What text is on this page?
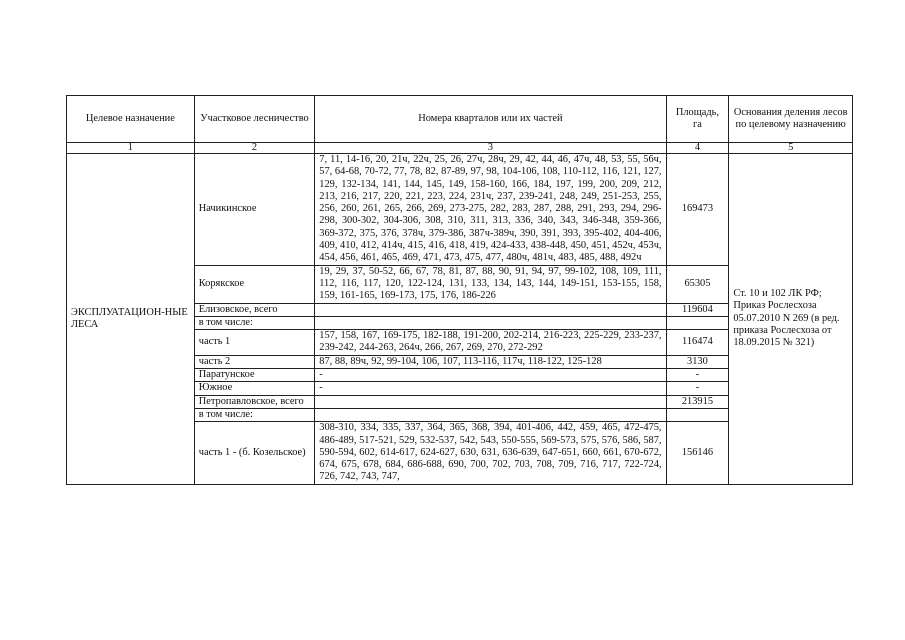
Целевое назначение	Участковое лесничество	Номера кварталов или их частей	Площадь, га	Основания деления лесов по целевому назначению
1	2	3	4	5
ЭКСПЛУАТАЦИОН-НЫЕ ЛЕСА	Начикинское	7, 11, 14-16, 20, 21ч, 22ч, 25, 26, 27ч, 28ч, 29, 42, 44, 46, 47ч, 48, 53, 55, 56ч, 57, 64-68, 70-72, 77, 78, 82, 87-89, 97, 98, 104-106, 108, 110-112, 116, 121, 127, 129, 132-134, 141, 144, 145, 149, 158-160, 166, 184, 197, 199, 200, 209, 212, 213, 216, 217, 220, 221, 223, 224, 231ч, 237, 239-241, 248, 249, 251-253, 255, 256, 260, 261, 265, 266, 269, 273-275, 282, 283, 287, 288, 291, 293, 294, 296-298, 300-302, 304-306, 308, 310, 311, 313, 336, 340, 343, 346-348, 359-366, 369-372, 375, 376, 378ч, 379-386, 387ч-389ч, 390, 391, 393, 395-402, 404-406, 409, 410, 412, 414ч, 415, 416, 418, 419, 424-433, 438-448, 450, 451, 452ч, 453ч, 454, 456, 461, 465, 469, 471, 473, 475, 477, 480ч, 481ч, 483, 485, 488, 492ч	169473	Ст. 10 и 102 ЛК РФ; Приказ Рослесхоза 05.07.2010 N 269 (в ред. приказа Рослесхоза от 18.09.2015 № 321)
	Корякское	19, 29, 37, 50-52, 66, 67, 78, 81, 87, 88, 90, 91, 94, 97, 99-102, 108, 109, 111, 112, 116, 117, 120, 122-124, 131, 133, 134, 143, 144, 149-151, 153-155, 158, 159, 161-165, 169-173, 175, 176, 186-226	65305	
	Елизовское, всего		119604	
	в том числе:			
	часть 1	157, 158, 167, 169-175, 182-188, 191-200, 202-214, 216-223, 225-229, 233-237, 239-242, 244-263, 264ч, 266, 267, 269, 270, 272-292	116474	
	часть 2	87, 88, 89ч, 92, 99-104, 106, 107, 113-116, 117ч, 118-122, 125-128	3130	
	Паратунское	-	-	
	Южное	-	-	
	Петропавловское, всего		213915	
	в том числе:			
	часть 1 - (б. Козельское)	308-310, 334, 335, 337, 364, 365, 368, 394, 401-406, 442, 459, 465, 472-475, 486-489, 517-521, 529, 532-537, 542, 543, 550-555, 569-573, 575, 576, 586, 587, 590-594, 602, 614-617, 624-627, 630, 631, 636-639, 647-651, 660, 661, 670-672, 674, 675, 678, 684, 686-688, 690, 700, 702, 703, 708, 709, 716, 717, 722-724, 726, 742, 743, 747,	156146	
